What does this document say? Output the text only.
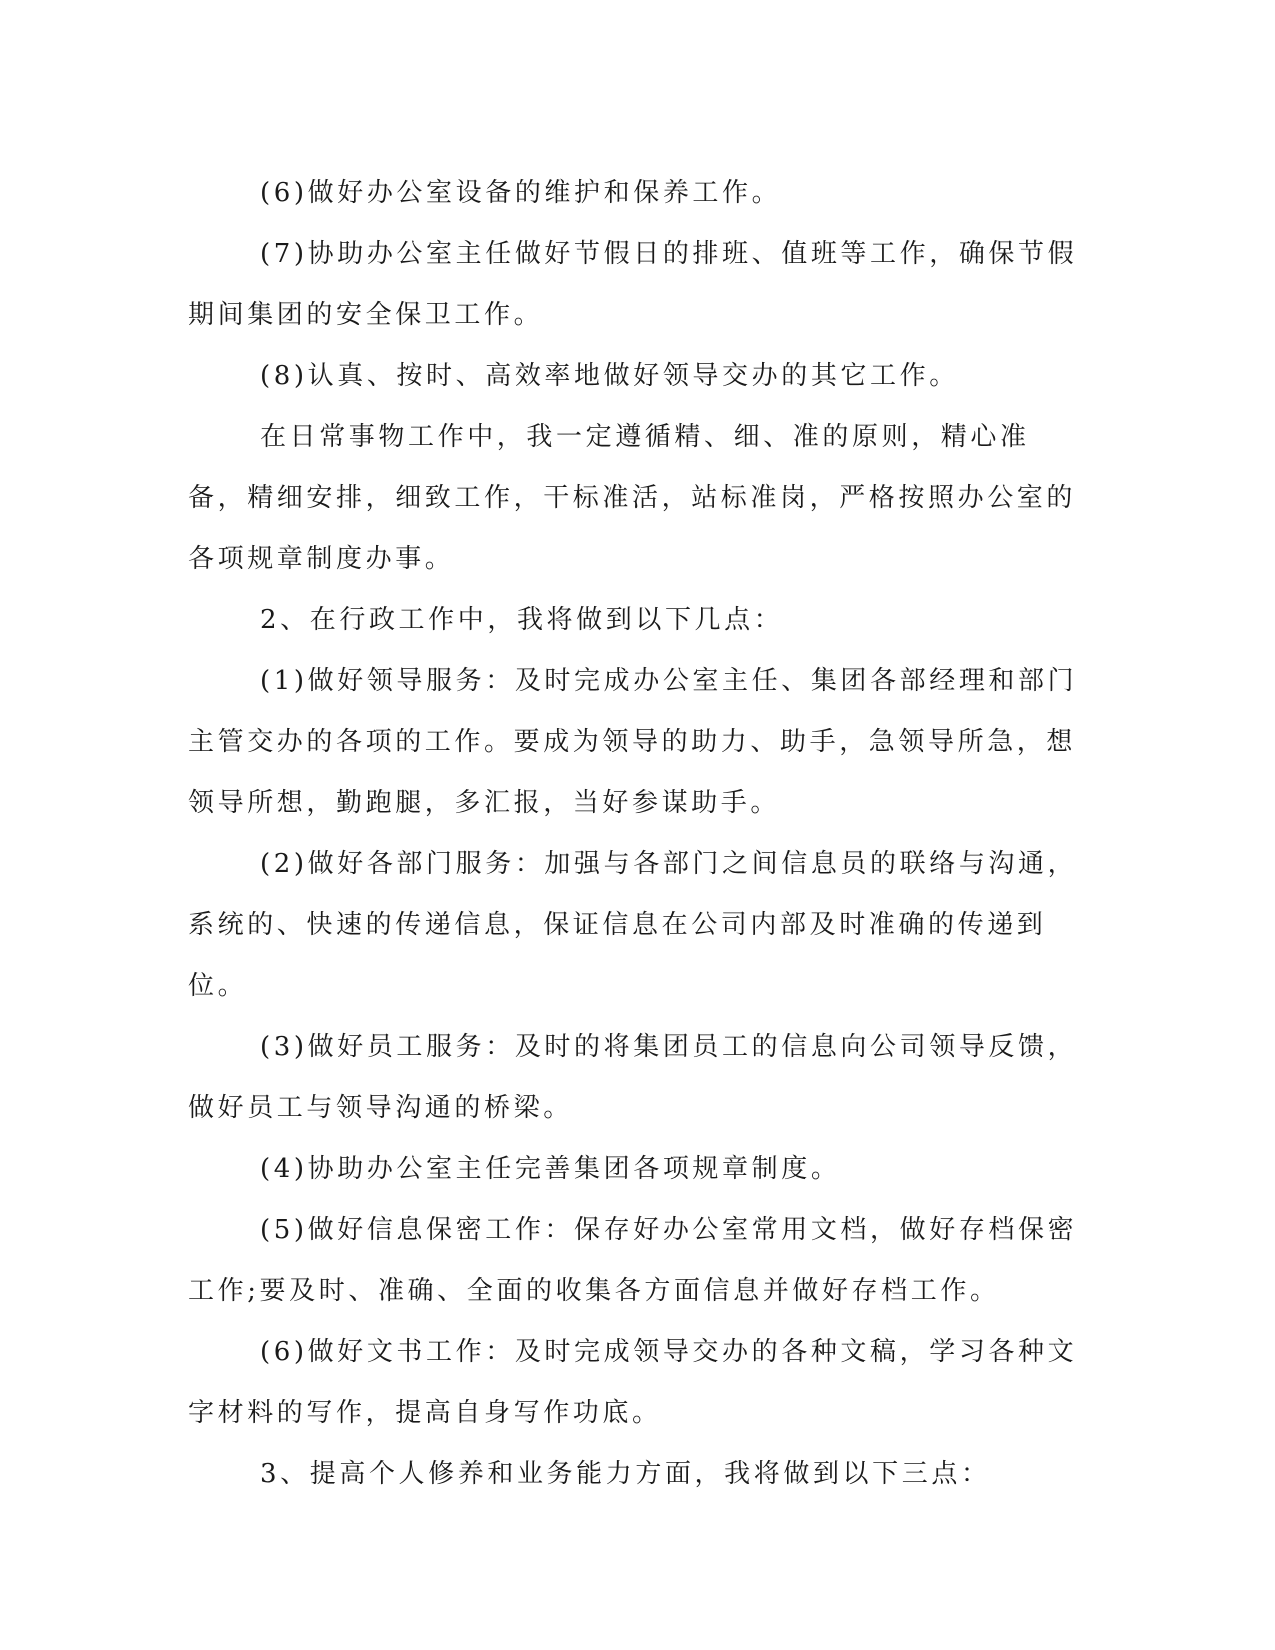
(6)做好办公室设备的维护和保养工作。

(7)协助办公室主任做好节假日的排班、值班等工作，确保节假期间集团的安全保卫工作。

(8)认真、按时、高效率地做好领导交办的其它工作。

在日常事物工作中，我一定遵循精、细、准的原则，精心准备，精细安排，细致工作，干标准活，站标准岗，严格按照办公室的各项规章制度办事。

2、在行政工作中，我将做到以下几点：

(1)做好领导服务：及时完成办公室主任、集团各部经理和部门主管交办的各项的工作。要成为领导的助力、助手，急领导所急，想领导所想，勤跑腿，多汇报，当好参谋助手。

(2)做好各部门服务：加强与各部门之间信息员的联络与沟通，系统的、快速的传递信息，保证信息在公司内部及时准确的传递到位。

(3)做好员工服务：及时的将集团员工的信息向公司领导反馈，做好员工与领导沟通的桥梁。

(4)协助办公室主任完善集团各项规章制度。

(5)做好信息保密工作：保存好办公室常用文档，做好存档保密工作;要及时、准确、全面的收集各方面信息并做好存档工作。

(6)做好文书工作：及时完成领导交办的各种文稿，学习各种文字材料的写作，提高自身写作功底。

3、提高个人修养和业务能力方面，我将做到以下三点：
